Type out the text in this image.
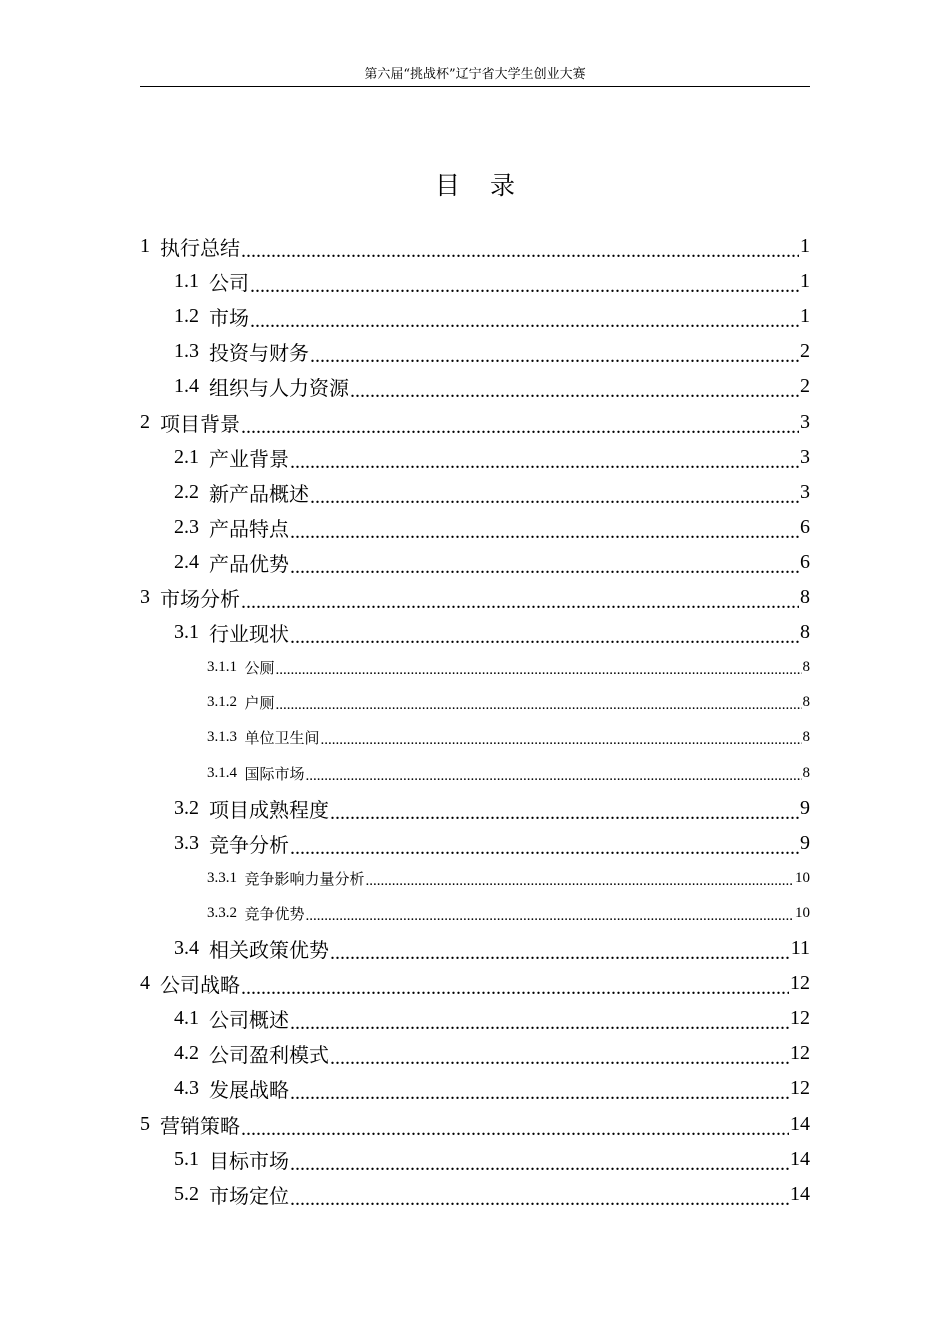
第六届“挑战杯”辽宁省大学生创业大赛
目 录
1 执行总结 .....	1
1.1 公司 .....	1
1.2 市场 .....	1
1.3 投资与财务 .....	2
1.4 组织与人力资源 .....	2
2 项目背景 .....	3
2.1 产业背景 .....	3
2.2 新产品概述 .....	3
2.3 产品特点 .....	6
2.4 产品优势 .....	6
3 市场分析 .....	8
3.1 行业现状 .....	8
3.1.1 公厕 .....	8
3.1.2 户厕 .....	8
3.1.3 单位卫生间 .....	8
3.1.4 国际市场 .....	8
3.2 项目成熟程度 .....	9
3.3 竞争分析 .....	9
3.3.1 竞争影响力量分析 .....	10
3.3.2 竞争优势 .....	10
3.4 相关政策优势 .....	11
4 公司战略 .....	12
4.1 公司概述 .....	12
4.2 公司盈利模式 .....	12
4.3 发展战略 .....	12
5 营销策略 .....	14
5.1 目标市场 .....	14
5.2 市场定位 .....	14
